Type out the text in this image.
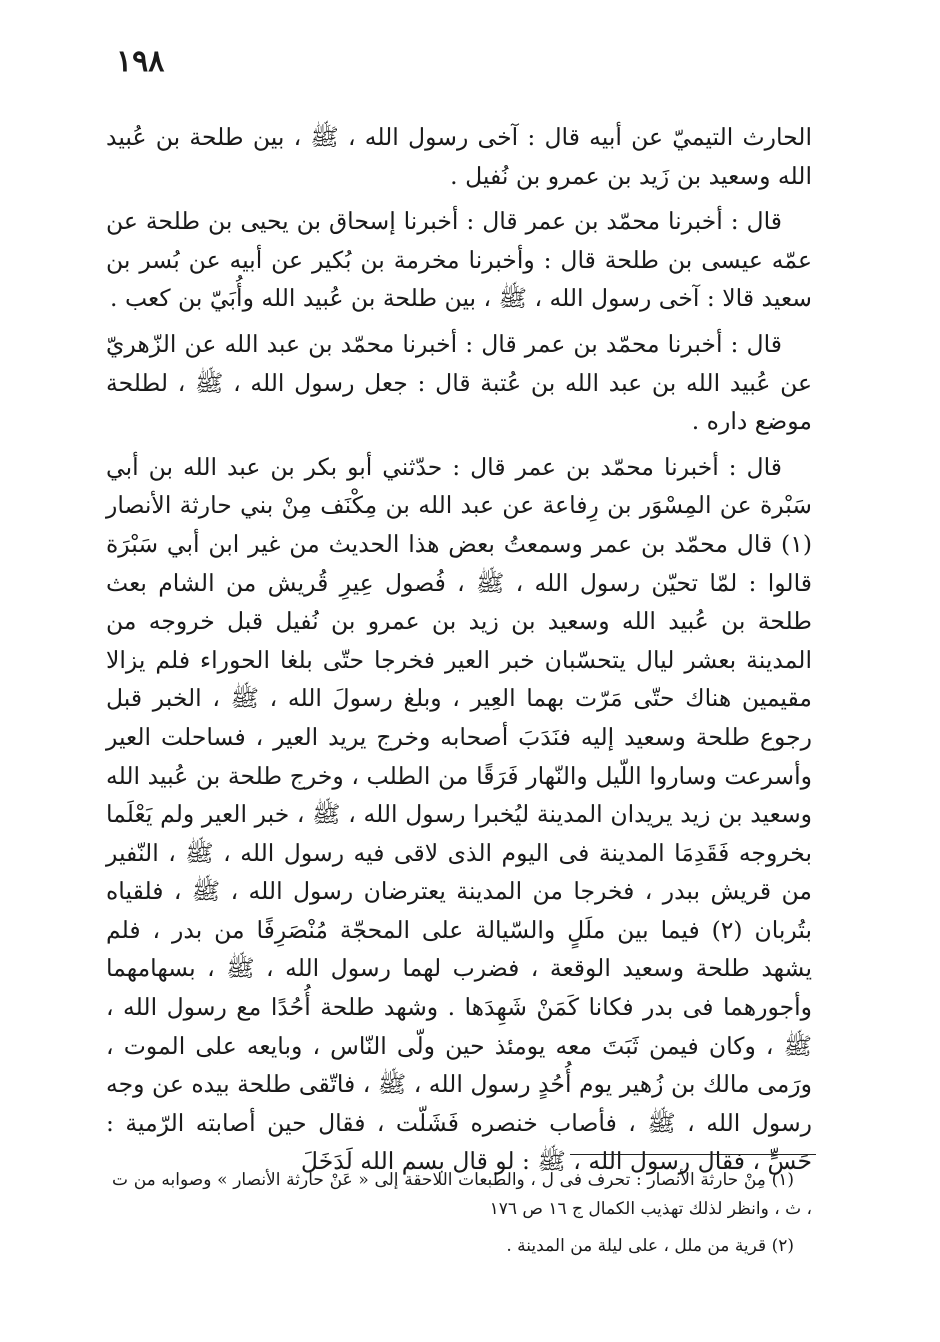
١٩٨

الحارث التيميّ عن أبيه قال : آخى رسول الله ، ﷺ ، بين طلحة بن عُبيد الله وسعيد بن زَيد بن عمرو بن نُفيل .

قال : أخبرنا محمّد بن عمر قال : أخبرنا إسحاق بن يحيى بن طلحة عن عمّه عيسى بن طلحة قال : وأخبرنا مخرمة بن بُكير عن أبيه عن بُسر بن سعيد قالا : آخى رسول الله ، ﷺ ، بين طلحة بن عُبيد الله وأُبَيّ بن كعب .

قال : أخبرنا محمّد بن عمر قال : أخبرنا محمّد بن عبد الله عن الزّهريّ عن عُبيد الله بن عبد الله بن عُتبة قال : جعل رسول الله ، ﷺ ، لطلحة موضع داره .

قال : أخبرنا محمّد بن عمر قال : حدّثني أبو بكر بن عبد الله بن أبي سَبْرة عن المِسْوَر بن رِفاعة عن عبد الله بن مِكْنَف مِنْ بني حارثة الأنصار (١) قال محمّد بن عمر وسمعتُ بعض هذا الحديث من غير ابن أبي سَبْرَة قالوا : لمّا تحيّن رسول الله ، ﷺ ، فُصول عِيرِ قُريش من الشام بعث طلحة بن عُبيد الله وسعيد بن زيد بن عمرو بن نُفيل قبل خروجه من المدينة بعشر ليال يتحسّبان خبر العير فخرجا حتّى بلغا الحوراء فلم يزالا مقيمين هناك حتّى مَرّت بهما العِير ، وبلغ رسولَ الله ، ﷺ ، الخبر قبل رجوع طلحة وسعيد إليه فنَدَبَ أصحابه وخرج يريد العير ، فساحلت العير وأسرعت وساروا اللّيل والنّهار فَرَقًا من الطلب ، وخرج طلحة بن عُبيد الله وسعيد بن زيد يريدان المدينة ليُخبرا رسول الله ، ﷺ ، خبر العير ولم يَعْلَما بخروجه فَقَدِمَا المدينة فى اليوم الذى لاقى فيه رسول الله ، ﷺ ، النّفير من قريش ببدر ، فخرجا من المدينة يعترضان رسول الله ، ﷺ ، فلقياه بتُربان (٢) فيما بين ملَلٍ والسّيالة على المحجّة مُنْصَرِفًا من بدر ، فلم يشهد طلحة وسعيد الوقعة ، فضرب لهما رسول الله ، ﷺ ، بسهامهما وأجورهما فى بدر فكانا كَمَنْ شَهِدَها . وشهد طلحة أُحُدًا مع رسول الله ، ﷺ ، وكان فيمن ثَبَتَ معه يومئذ حين ولّى النّاس ، وبايعه على الموت ، ورَمى مالك بن زُهير يوم أُحُدٍ رسول الله ، ﷺ ، فاتّقى طلحة بيده عن وجه رسول الله ، ﷺ ، فأصاب خنصره فَشَلّت ، فقال حين أصابته الرّمية : حَسٍّ ، فقال رسول الله ، ﷺ : لو قال بسم الله لَدَخَلَ

(١) مِنْ حارثة الأنصار : تحرف فى ل ، والطبعات اللاحقة إلى « عَنْ حارثة الأنصار » وصوابه من ت ، ث ، وانظر لذلك تهذيب الكمال ج ١٦ ص ١٧٦

(٢) قرية من ملل ، على ليلة من المدينة .
